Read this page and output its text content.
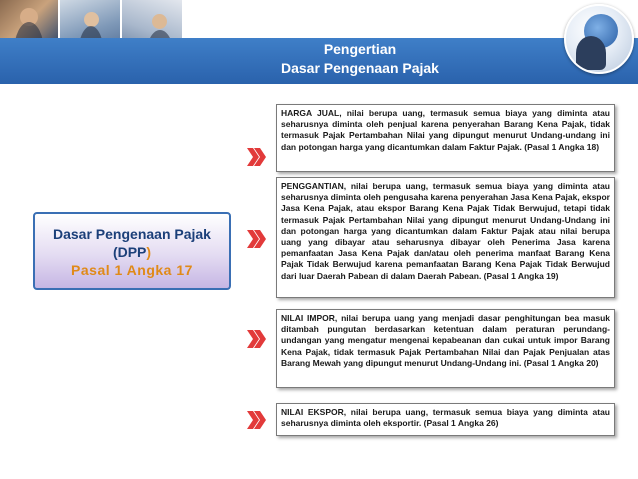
Pengertian
Dasar Pengenaan Pajak
Dasar Pengenaan Pajak
(DPP)
Pasal 1 Angka 17
HARGA JUAL, nilai berupa uang, termasuk semua biaya yang diminta atau seharusnya diminta oleh penjual karena penyerahan Barang Kena Pajak, tidak termasuk Pajak Pertambahan Nilai yang dipungut menurut Undang-undang ini dan potongan harga yang dicantumkan dalam Faktur Pajak. (Pasal 1 Angka 18)
PENGGANTIAN, nilai berupa uang, termasuk semua biaya yang diminta atau seharusnya diminta oleh pengusaha karena penyerahan Jasa Kena Pajak, ekspor Jasa Kena Pajak, atau ekspor Barang Kena Pajak Tidak Berwujud, tetapi tidak termasuk Pajak Pertambahan Nilai yang dipungut menurut Undang-Undang ini dan potongan harga yang dicantumkan dalam Faktur Pajak atau nilai berupa uang yang dibayar atau seharusnya dibayar oleh Penerima Jasa karena pemanfaatan Jasa Kena Pajak dan/atau oleh penerima manfaat Barang Kena Pajak Tidak Berwujud karena pemanfaatan Barang Kena Pajak Tidak Berwujud dari luar Daerah Pabean di dalam Daerah Pabean. (Pasal 1 Angka 19)
NILAI IMPOR, nilai berupa uang yang menjadi dasar penghitungan bea masuk ditambah pungutan berdasarkan ketentuan dalam peraturan perundang-undangan yang mengatur mengenai kepabeanan dan cukai untuk impor Barang Kena Pajak, tidak termasuk Pajak Pertambahan Nilai dan Pajak Penjualan atas Barang Mewah yang dipungut menurut Undang-Undang ini. (Pasal 1 Angka 20)
NILAI EKSPOR, nilai berupa uang, termasuk semua biaya yang diminta atau seharusnya diminta oleh eksportir. (Pasal 1 Angka 26)
